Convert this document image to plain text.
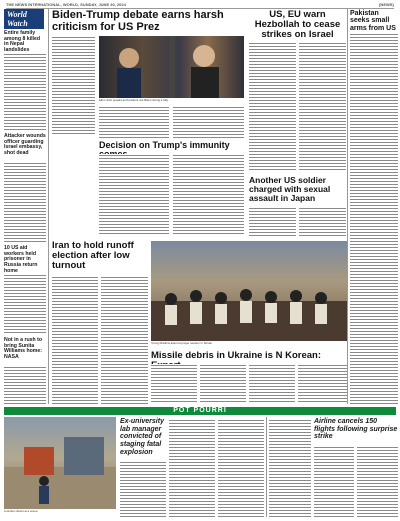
THE NEWS INTERNATIONAL, WORLD, SUNDAY, JUNE 30, 2024	{NEWS}
World
Watch
Entire family among 8 killed in Nepal landslides
Attacker wounds officer guarding Israel embassy, shot dead
10 US aid workers held prisoner in Russia return home
Not in a rush to bring Sunita Williams home: NASA
Biden-Trump debate earns harsh criticism for US Prez
Elton John speaks as President Joe Biden during a rally.
Decision on Trump's immunity
Iran to hold runoff election after low turnout
Young Muslims attend a prayer session in Tehran.
Missile debris in Ukraine is N Korean:
US, EU warn Hezbollah to cease strikes on Israel
Another US soldier charged with sexual assault in Japan
Pakistan seeks small arms from US
POT POURRI
A worker cleans at a scene.
Ex-university lab manager convicted of staging fatal explosion
Airline cancels 150 flights following surprise strike
